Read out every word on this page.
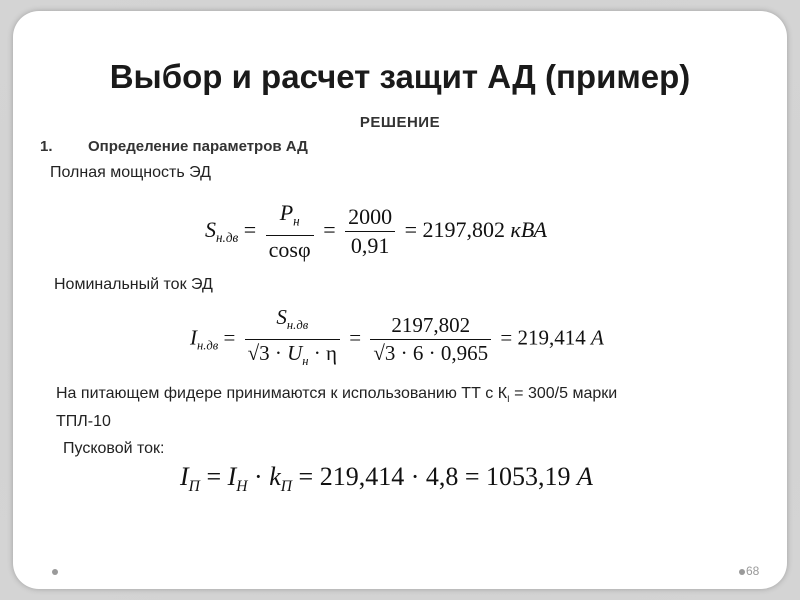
Выбор и расчет защит АД (пример)
РЕШЕНИЕ
1. Определение параметров АД
Полная мощность ЭД
$S_{н.дв} = \frac{P_н}{\cos\varphi} = \frac{2000}{0,91} = 2197,802$ кВА
Номинальный ток ЭД
$I_{н.дв} = \frac{S_{н.дв}}{√3 \cdot U_н \cdot \eta} = \frac{2197,802}{√3 \cdot 6 \cdot 0,965} = 219,414$ А
На питающем фидере принимаются к использованию ТТ с $К_I = 300/5$ марки
ТПЛ-10
Пусковой ток:
$I_П = I_Н \cdot k_П = 219,414 \cdot 4,8 = 1053,19$ А
68
